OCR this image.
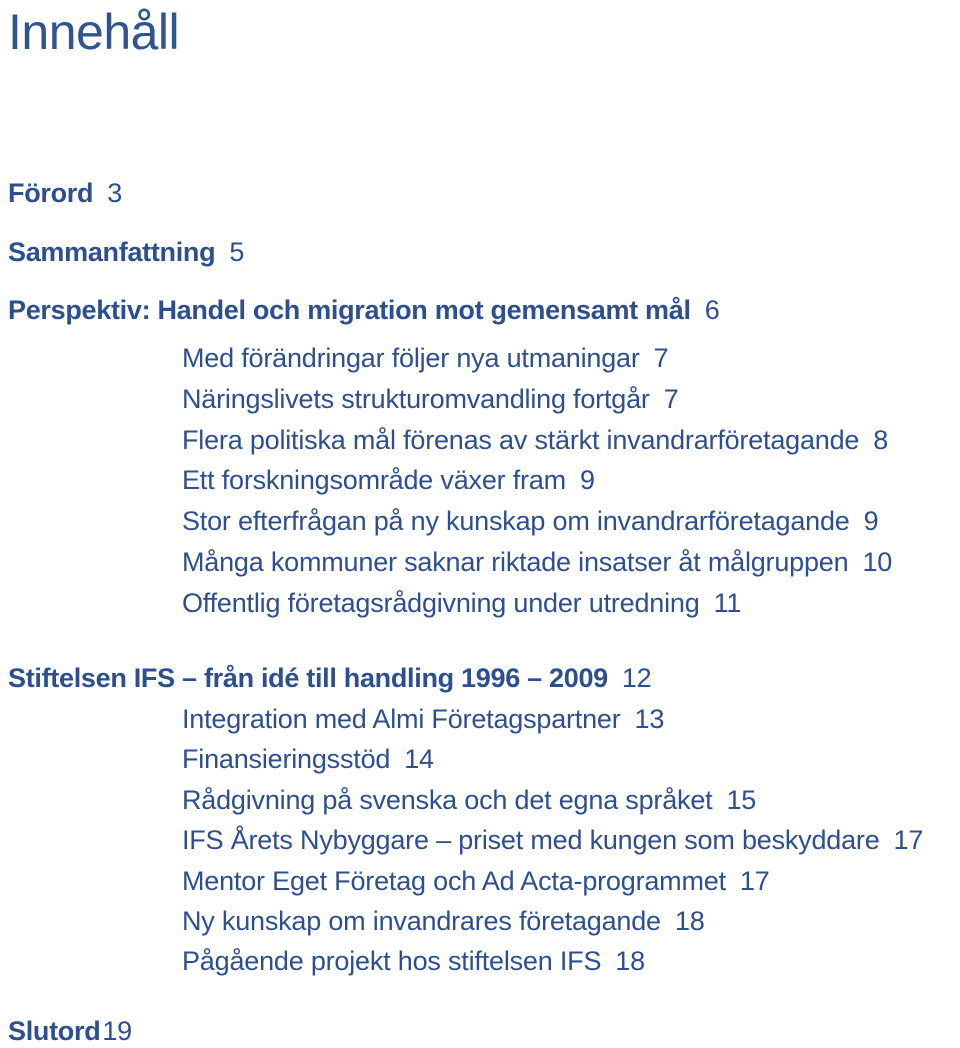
Innehåll
Förord 3
Sammanfattning 5
Perspektiv: Handel och migration mot gemensamt mål 6
Med förändringar följer nya utmaningar 7
Näringslivets strukturomvandling fortgår 7
Flera politiska mål förenas av stärkt invandrarföretagande 8
Ett forskningsområde växer fram 9
Stor efterfrågan på ny kunskap om invandrarföretagande 9
Många kommuner saknar riktade insatser åt målgruppen 10
Offentlig företagsrådgivning under utredning 11
Stiftelsen IFS – från idé till handling 1996 – 2009 12
Integration med Almi Företagspartner 13
Finansieringsstöd 14
Rådgivning på svenska och det egna språket 15
IFS Årets Nybyggare – priset med kungen som beskyddare 17
Mentor Eget Företag och Ad Acta-programmet 17
Ny kunskap om invandrares företagande 18
Pågående projekt hos stiftelsen IFS 18
Slutord19
